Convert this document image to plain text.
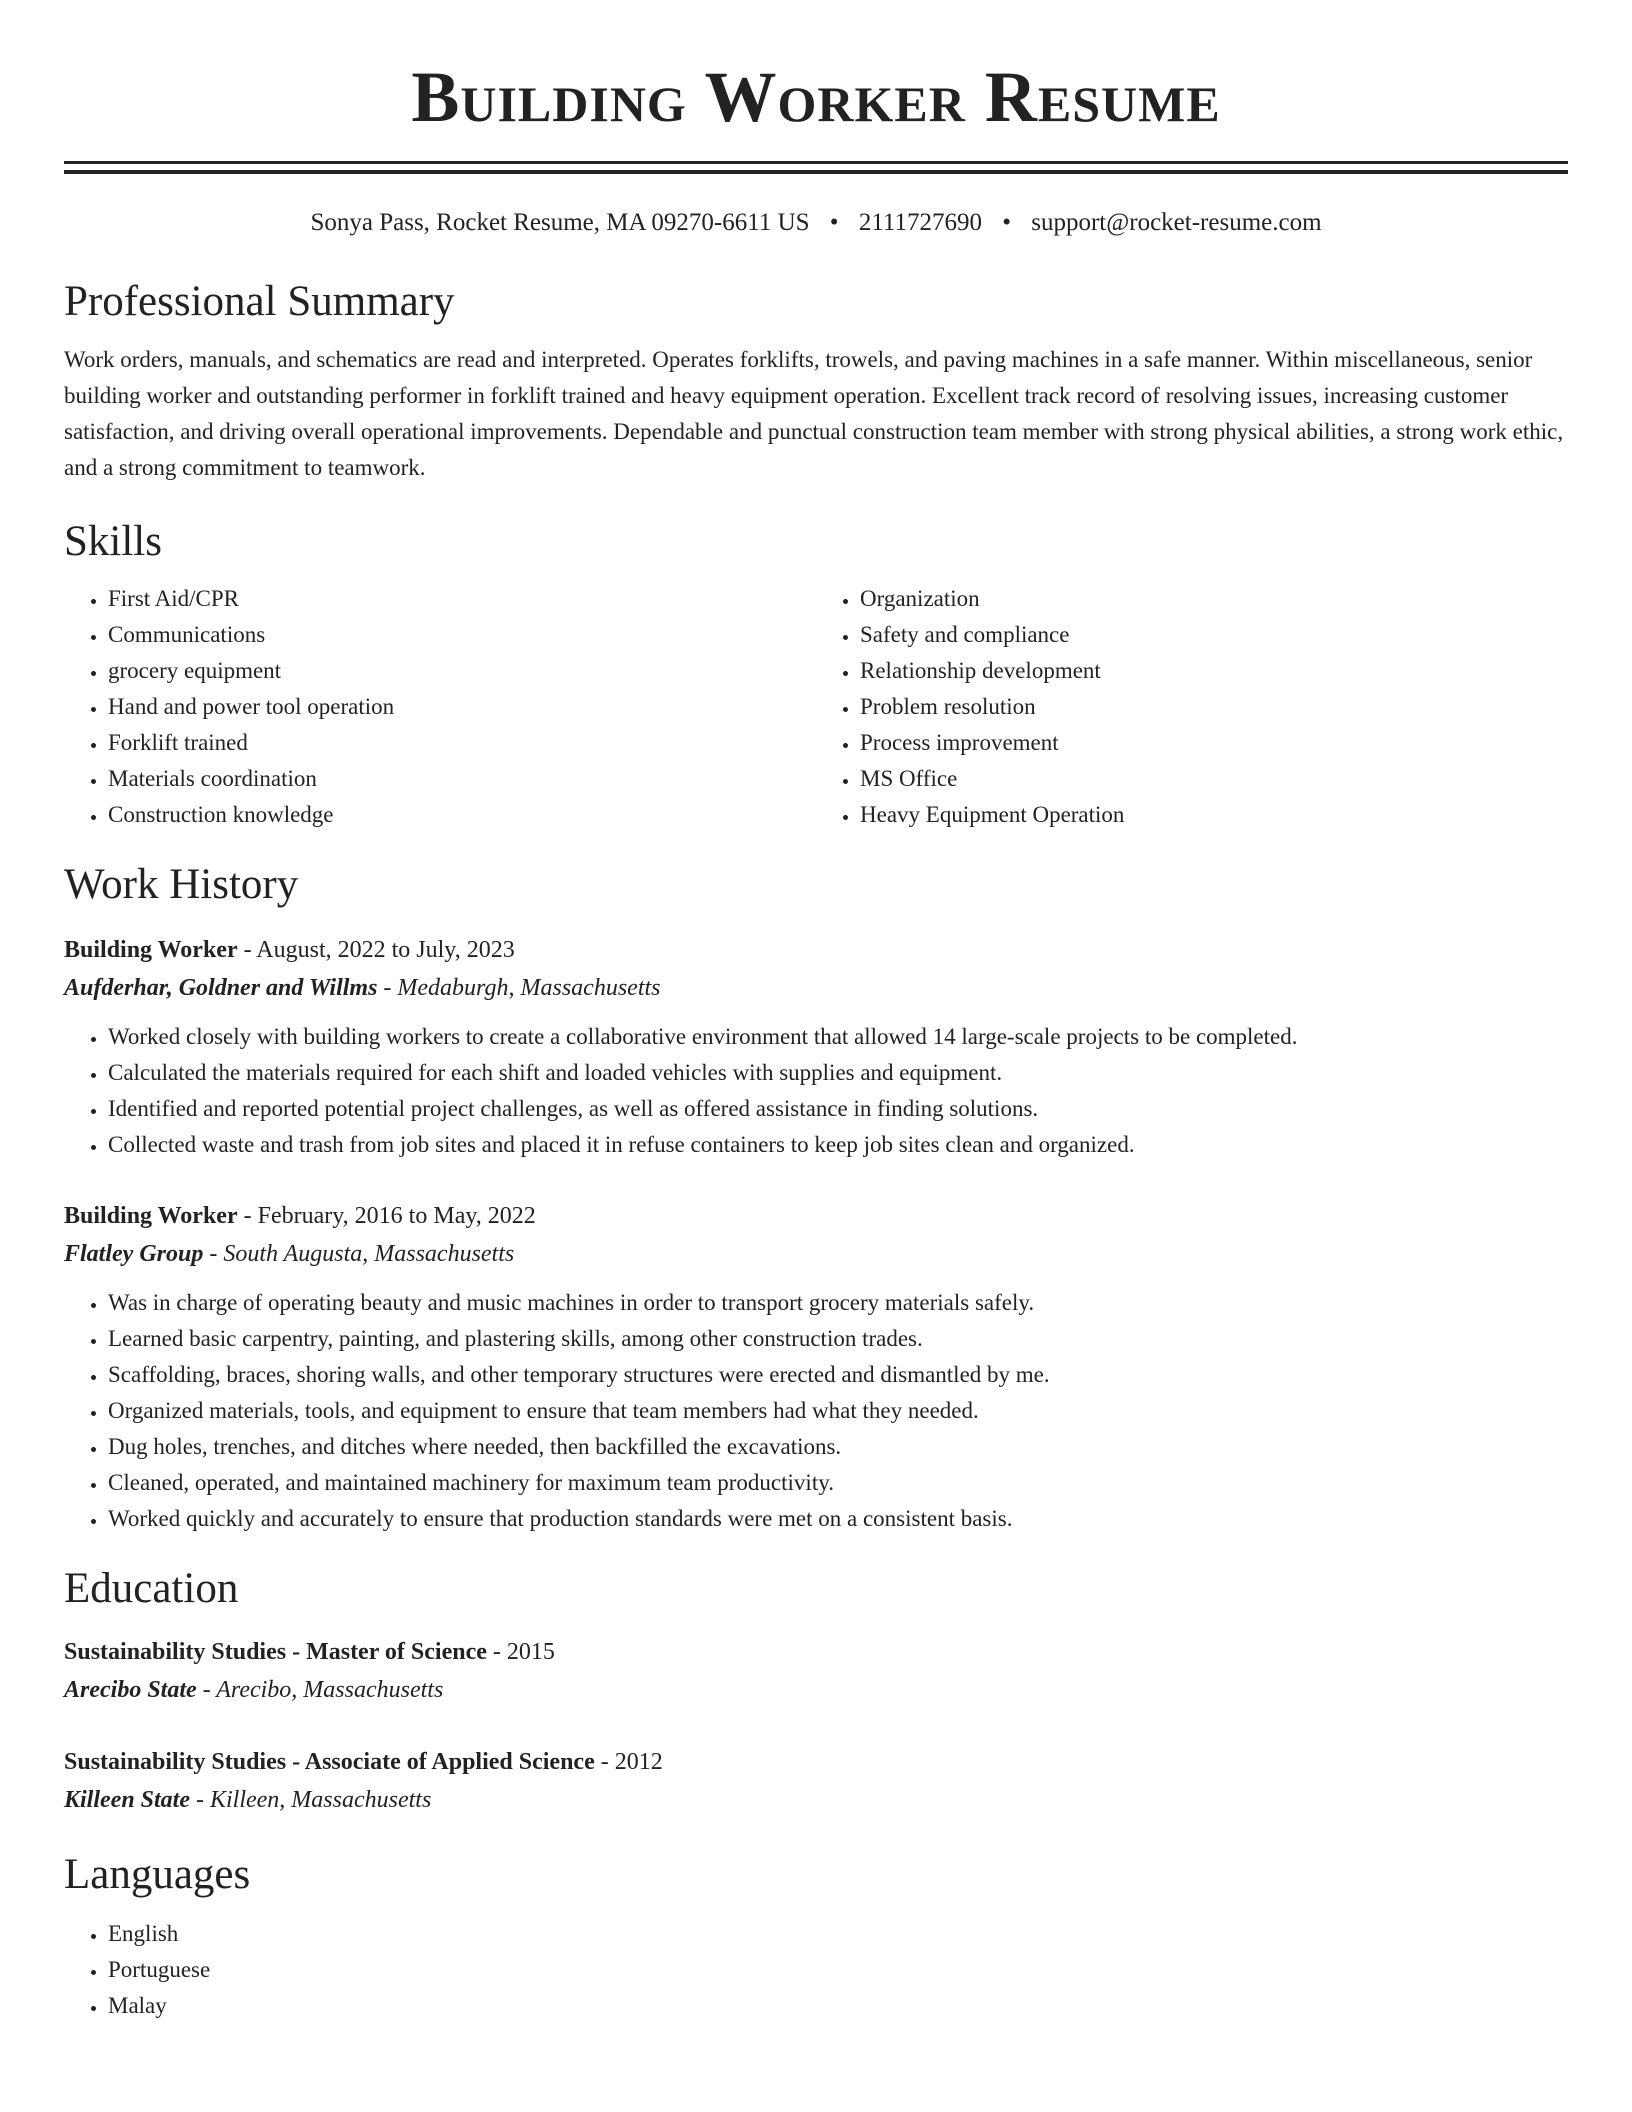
Building Worker Resume
Sonya Pass, Rocket Resume, MA 09270-6611 US • 2111727690 • support@rocket-resume.com
Professional Summary

Work orders, manuals, and schematics are read and interpreted. Operates forklifts, trowels, and paving machines in a safe manner. Within miscellaneous, senior building worker and outstanding performer in forklift trained and heavy equipment operation. Excellent track record of resolving issues, increasing customer satisfaction, and driving overall operational improvements. Dependable and punctual construction team member with strong physical abilities, a strong work ethic, and a strong commitment to teamwork.

Skills
• First Aid/CPR
• Communications
• grocery equipment
• Hand and power tool operation
• Forklift trained
• Materials coordination
• Construction knowledge
• Organization
• Safety and compliance
• Relationship development
• Problem resolution
• Process improvement
• MS Office
• Heavy Equipment Operation
Work History
Building Worker - August, 2022 to July, 2023
Aufderhar, Goldner and Willms - Medaburgh, Massachusetts
• Worked closely with building workers to create a collaborative environment that allowed 14 large-scale projects to be completed.
• Calculated the materials required for each shift and loaded vehicles with supplies and equipment.
• Identified and reported potential project challenges, as well as offered assistance in finding solutions.
• Collected waste and trash from job sites and placed it in refuse containers to keep job sites clean and organized.
Building Worker - February, 2016 to May, 2022
Flatley Group - South Augusta, Massachusetts
• Was in charge of operating beauty and music machines in order to transport grocery materials safely.
• Learned basic carpentry, painting, and plastering skills, among other construction trades.
• Scaffolding, braces, shoring walls, and other temporary structures were erected and dismantled by me.
• Organized materials, tools, and equipment to ensure that team members had what they needed.
• Dug holes, trenches, and ditches where needed, then backfilled the excavations.
• Cleaned, operated, and maintained machinery for maximum team productivity.
• Worked quickly and accurately to ensure that production standards were met on a consistent basis.
Education
Sustainability Studies - Master of Science - 2015
Arecibo State - Arecibo, Massachusetts
Sustainability Studies - Associate of Applied Science - 2012
Killeen State - Killeen, Massachusetts
Languages
• English
• Portuguese
• Malay
